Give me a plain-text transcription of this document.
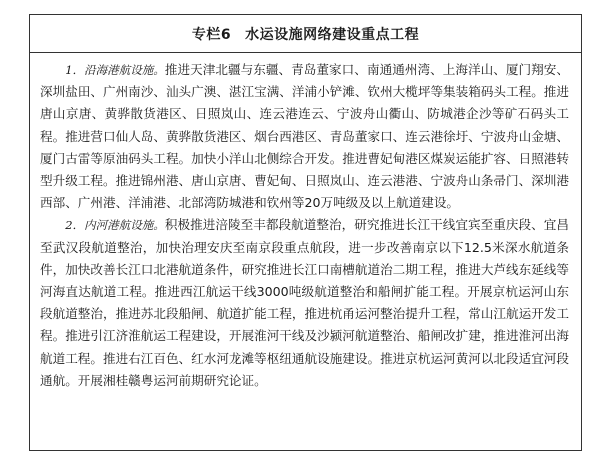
专栏6 水运设施网络建设重点工程

1．沿海港航设施。推进天津北疆与东疆、青岛董家口、南通通州湾、上海洋山、厦门翔安、深圳盐田、广州南沙、汕头广澳、湛江宝满、洋浦小铲滩、钦州大榄坪等集装箱码头工程。推进唐山京唐、黄骅散货港区、日照岚山、连云港连云、宁波舟山衢山、防城港企沙等矿石码头工程。推进营口仙人岛、黄骅散货港区、烟台西港区、青岛董家口、连云港徐圩、宁波舟山金塘、厦门古雷等原油码头工程。加快小洋山北侧综合开发。推进曹妃甸港区煤炭运能扩容、日照港转型升级工程。推进锦州港、唐山京唐、曹妃甸、日照岚山、连云港港、宁波舟山条帚门、深圳港西部、广州港、洋浦港、北部湾防城港和钦州等20万吨级及以上航道建设。

2．内河港航设施。积极推进涪陵至丰都段航道整治，研究推进长江干线宜宾至重庆段、宜昌至武汉段航道整治，加快治理安庆至南京段重点航段，进一步改善南京以下12.5米深水航道条件，加快改善长江口北港航道条件，研究推进长江口南槽航道治二期工程，推进大芦线东延线等河海直达航道工程。推进西江航运干线3000吨级航道整治和船闸扩能工程。开展京杭运河山东段航道整治，推进苏北段船闸、航道扩能工程，推进杭甬运河整治提升工程，常山江航运开发工程。推进引江济淮航运工程建设，开展淮河干线及沙颍河航道整治、船闸改扩建，推进淮河出海航道工程。推进右江百色、红水河龙滩等枢纽通航设施建设。推进京杭运河黄河以北段适宜河段通航。开展湘桂赣粤运河前期研究论证。
